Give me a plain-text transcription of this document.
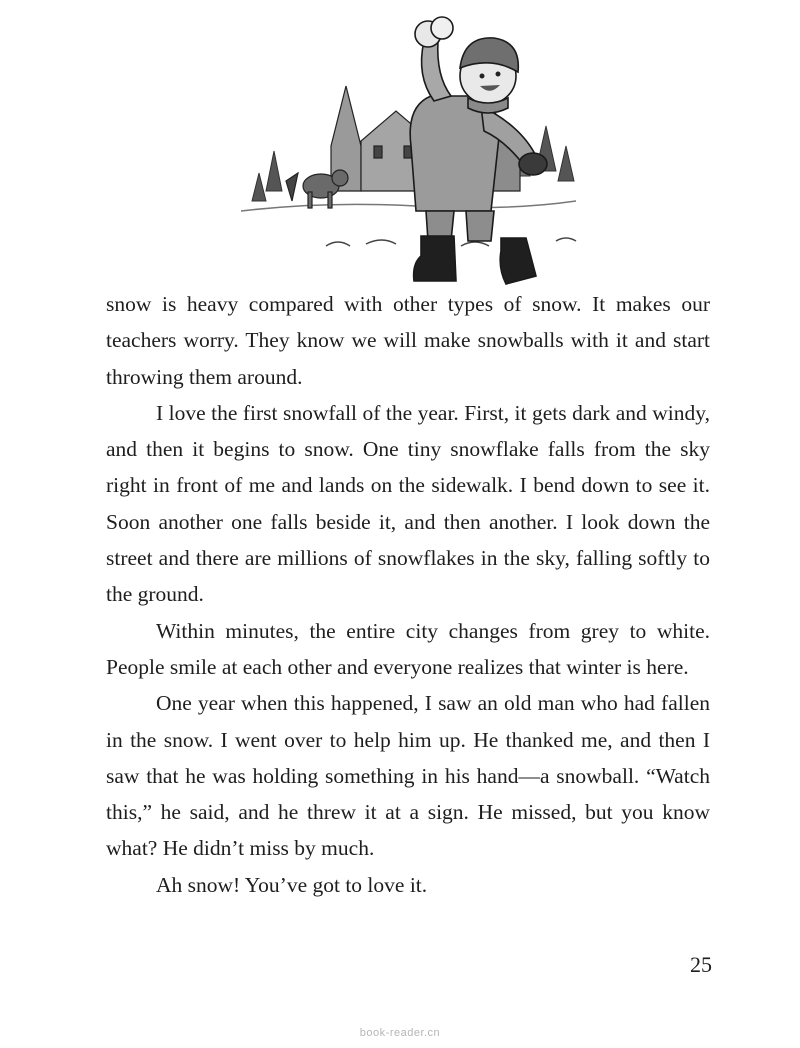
snow is heavy compared with other types of snow. It makes our teachers worry. They know we will make snowballs with it and start throwing them around.

I love the first snowfall of the year. First, it gets dark and windy, and then it begins to snow. One tiny snowflake falls from the sky right in front of me and lands on the sidewalk. I bend down to see it. Soon another one falls beside it, and then another. I look down the street and there are millions of snowflakes in the sky, falling softly to the ground.

Within minutes, the entire city changes from grey to white. People smile at each other and everyone realizes that winter is here.

One year when this happened, I saw an old man who had fallen in the snow. I went over to help him up. He thanked me, and then I saw that he was holding something in his hand—a snowball. “Watch this,” he said, and he threw it at a sign. He missed, but you know what? He didn’t miss by much.

Ah snow! You’ve got to love it.

25
book-reader.cn
